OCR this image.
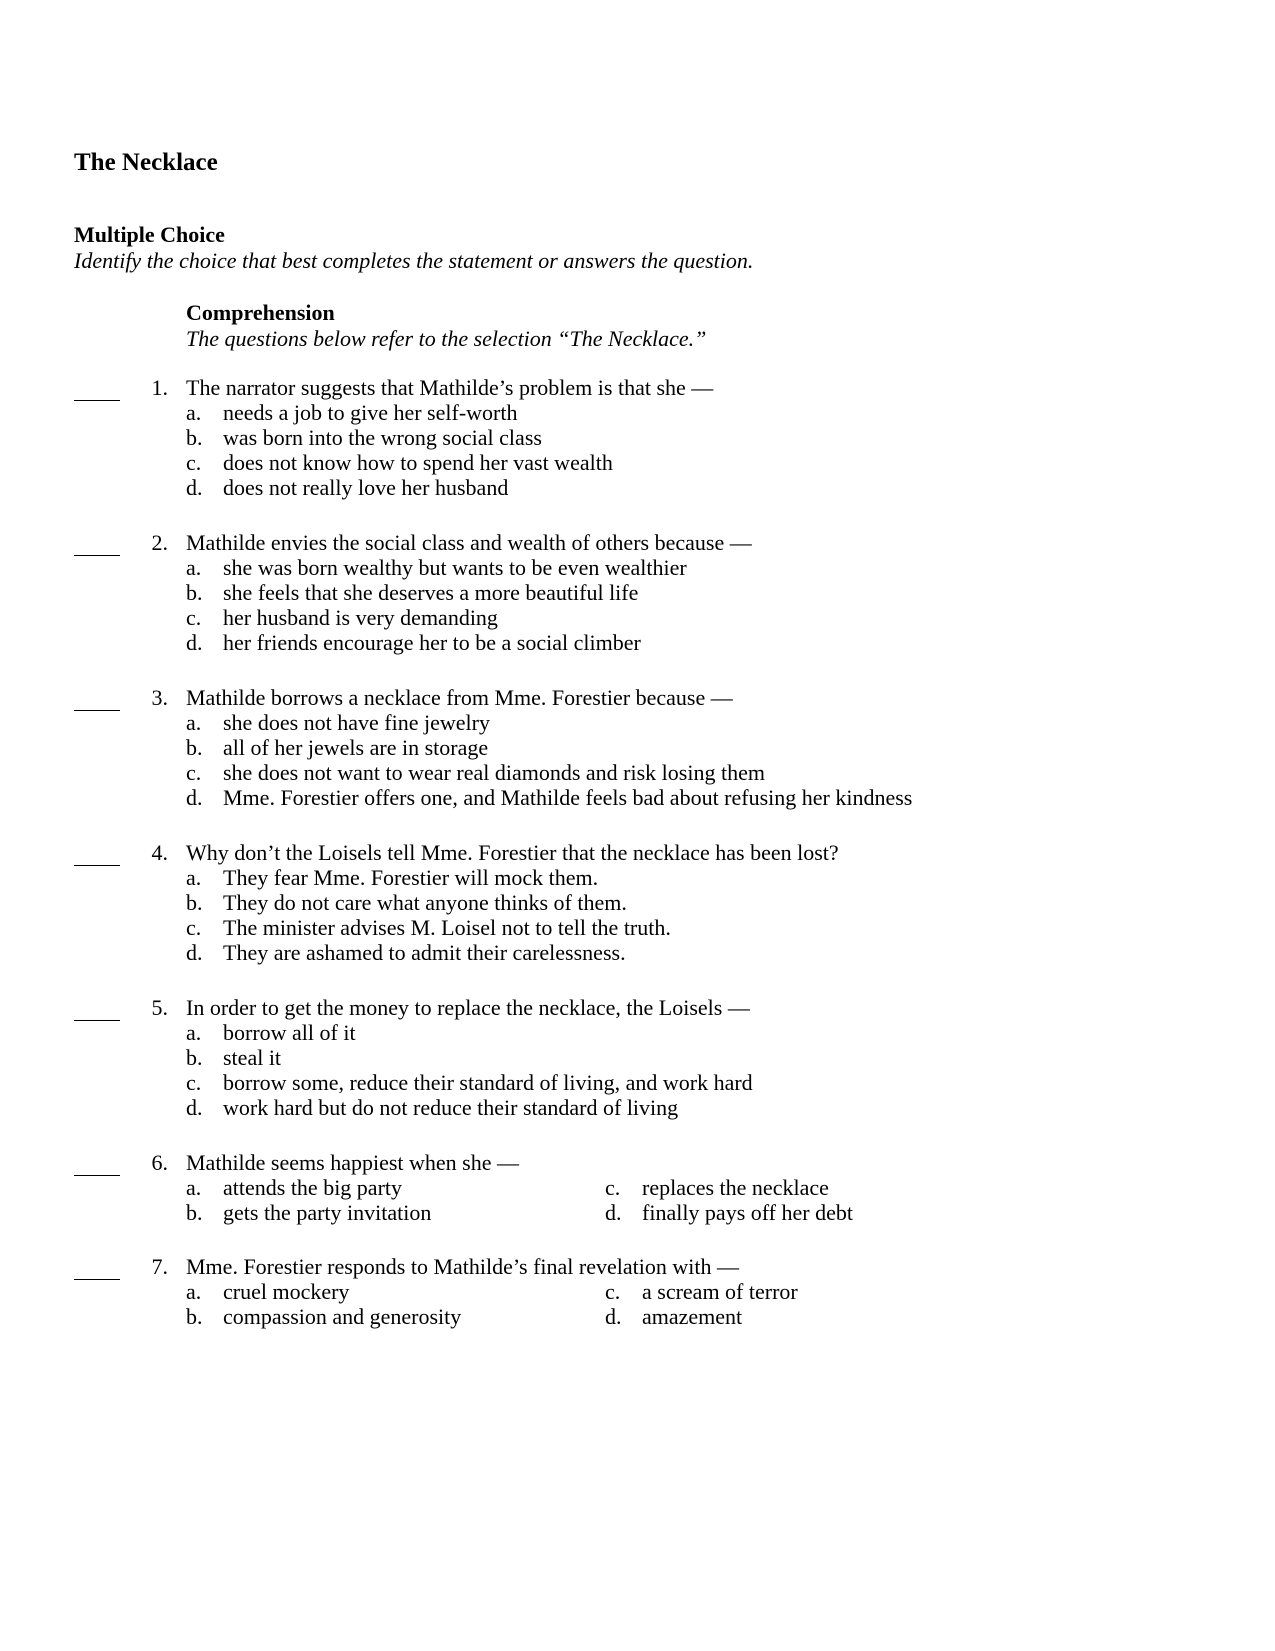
The Necklace
Multiple Choice
Identify the choice that best completes the statement or answers the question.
Comprehension
The questions below refer to the selection “The Necklace.”
1. The narrator suggests that Mathilde’s problem is that she —
a. needs a job to give her self-worth
b. was born into the wrong social class
c. does not know how to spend her vast wealth
d. does not really love her husband
2. Mathilde envies the social class and wealth of others because —
a. she was born wealthy but wants to be even wealthier
b. she feels that she deserves a more beautiful life
c. her husband is very demanding
d. her friends encourage her to be a social climber
3. Mathilde borrows a necklace from Mme. Forestier because —
a. she does not have fine jewelry
b. all of her jewels are in storage
c. she does not want to wear real diamonds and risk losing them
d. Mme. Forestier offers one, and Mathilde feels bad about refusing her kindness
4. Why don’t the Loisels tell Mme. Forestier that the necklace has been lost?
a. They fear Mme. Forestier will mock them.
b. They do not care what anyone thinks of them.
c. The minister advises M. Loisel not to tell the truth.
d. They are ashamed to admit their carelessness.
5. In order to get the money to replace the necklace, the Loisels —
a. borrow all of it
b. steal it
c. borrow some, reduce their standard of living, and work hard
d. work hard but do not reduce their standard of living
6. Mathilde seems happiest when she —
a. attends the big party
b. gets the party invitation
c. replaces the necklace
d. finally pays off her debt
7. Mme. Forestier responds to Mathilde’s final revelation with —
a. cruel mockery
b. compassion and generosity
c. a scream of terror
d. amazement
